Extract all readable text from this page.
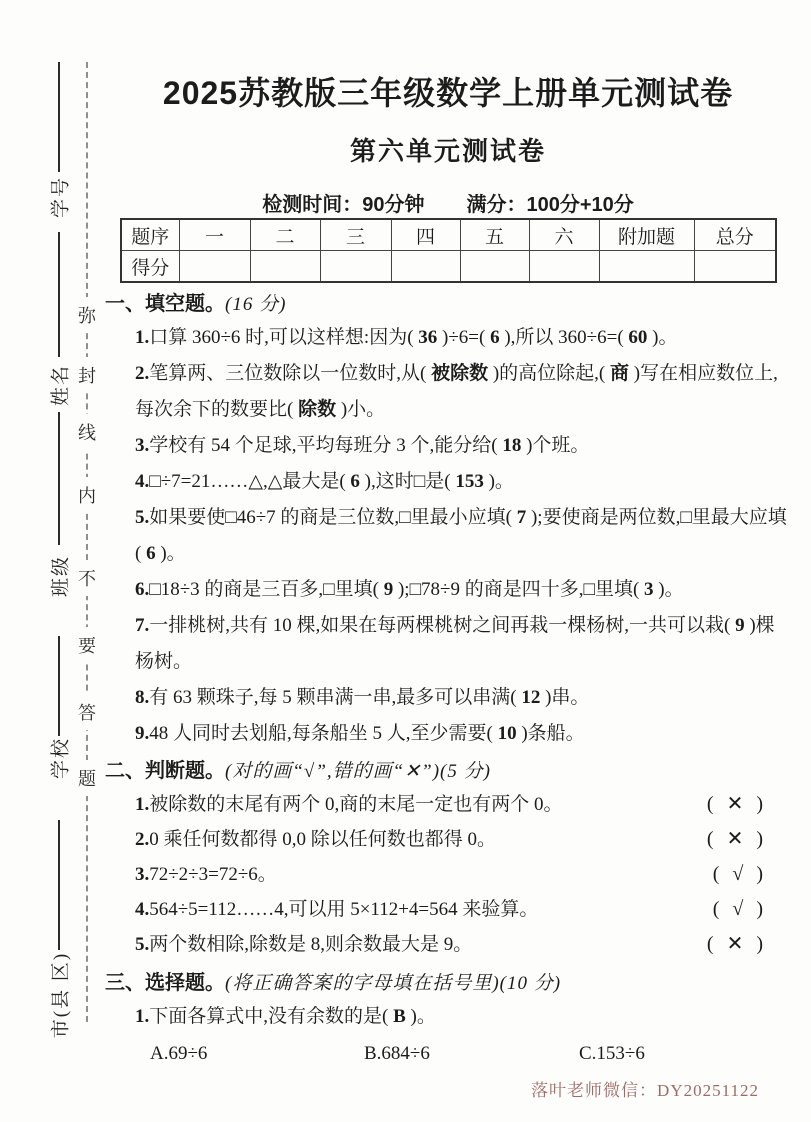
学号
姓名
班级
学校
市(县 区)
弥
封
线
内
不
要
答
题
2025苏教版三年级数学上册单元测试卷
第六单元测试卷
检测时间：90分钟 满分：100分+10分
题序	一	二	三	四	五	六	附加题	总分
得分								
一、填空题。(16 分)
1.口算 360÷6 时,可以这样想:因为( 36 )÷6=( 6 ),所以 360÷6=( 60 )。
2.笔算两、三位数除以一位数时,从( 被除数 )的高位除起,( 商 )写在相应数位上,每次余下的数要比( 除数 )小。
3.学校有 54 个足球,平均每班分 3 个,能分给( 18 )个班。
4.□÷7=21……△,△最大是( 6 ),这时□是( 153 )。
5.如果要使□46÷7 的商是三位数,□里最小应填( 7 );要使商是两位数,□里最大应填( 6 )。
6.□18÷3 的商是三百多,□里填( 9 );□78÷9 的商是四十多,□里填( 3 )。
7.一排桃树,共有 10 棵,如果在每两棵桃树之间再栽一棵杨树,一共可以栽( 9 )棵杨树。
8.有 63 颗珠子,每 5 颗串满一串,最多可以串满( 12 )串。
9.48 人同时去划船,每条船坐 5 人,至少需要( 10 )条船。
二、判断题。(对的画“√”,错的画“✕”)(5 分)
1.被除数的末尾有两个 0,商的末尾一定也有两个 0。	( ✕ )
2.0 乘任何数都得 0,0 除以任何数也都得 0。	( ✕ )
3.72÷2÷3=72÷6。	( √ )
4.564÷5=112……4,可以用 5×112+4=564 来验算。	( √ )
5.两个数相除,除数是 8,则余数最大是 9。	( ✕ )
三、选择题。(将正确答案的字母填在括号里)(10 分)
1.下面各算式中,没有余数的是( B )。
A.69÷6	B.684÷6	C.153÷6
落叶老师微信：DY20251122
